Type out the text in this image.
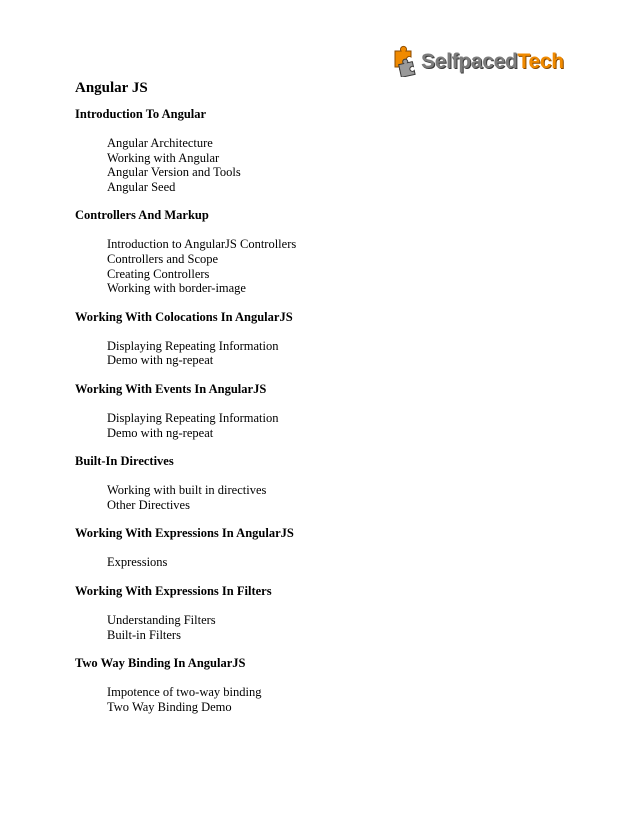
SelfpacedTech
Angular JS
Introduction To Angular
Angular Architecture
Working with Angular
Angular Version and Tools
Angular Seed
Controllers And Markup
Introduction to AngularJS Controllers
Controllers and Scope
Creating Controllers
Working with border-image
Working With Colocations In AngularJS
Displaying Repeating Information
Demo with ng-repeat
Working With Events In AngularJS
Displaying Repeating Information
Demo with ng-repeat
Built-In Directives
Working with built in directives
Other Directives
Working With Expressions In AngularJS
Expressions
Working With Expressions In Filters
Understanding Filters
Built-in Filters
Two Way Binding In AngularJS
Impotence of two-way binding
Two Way Binding Demo
